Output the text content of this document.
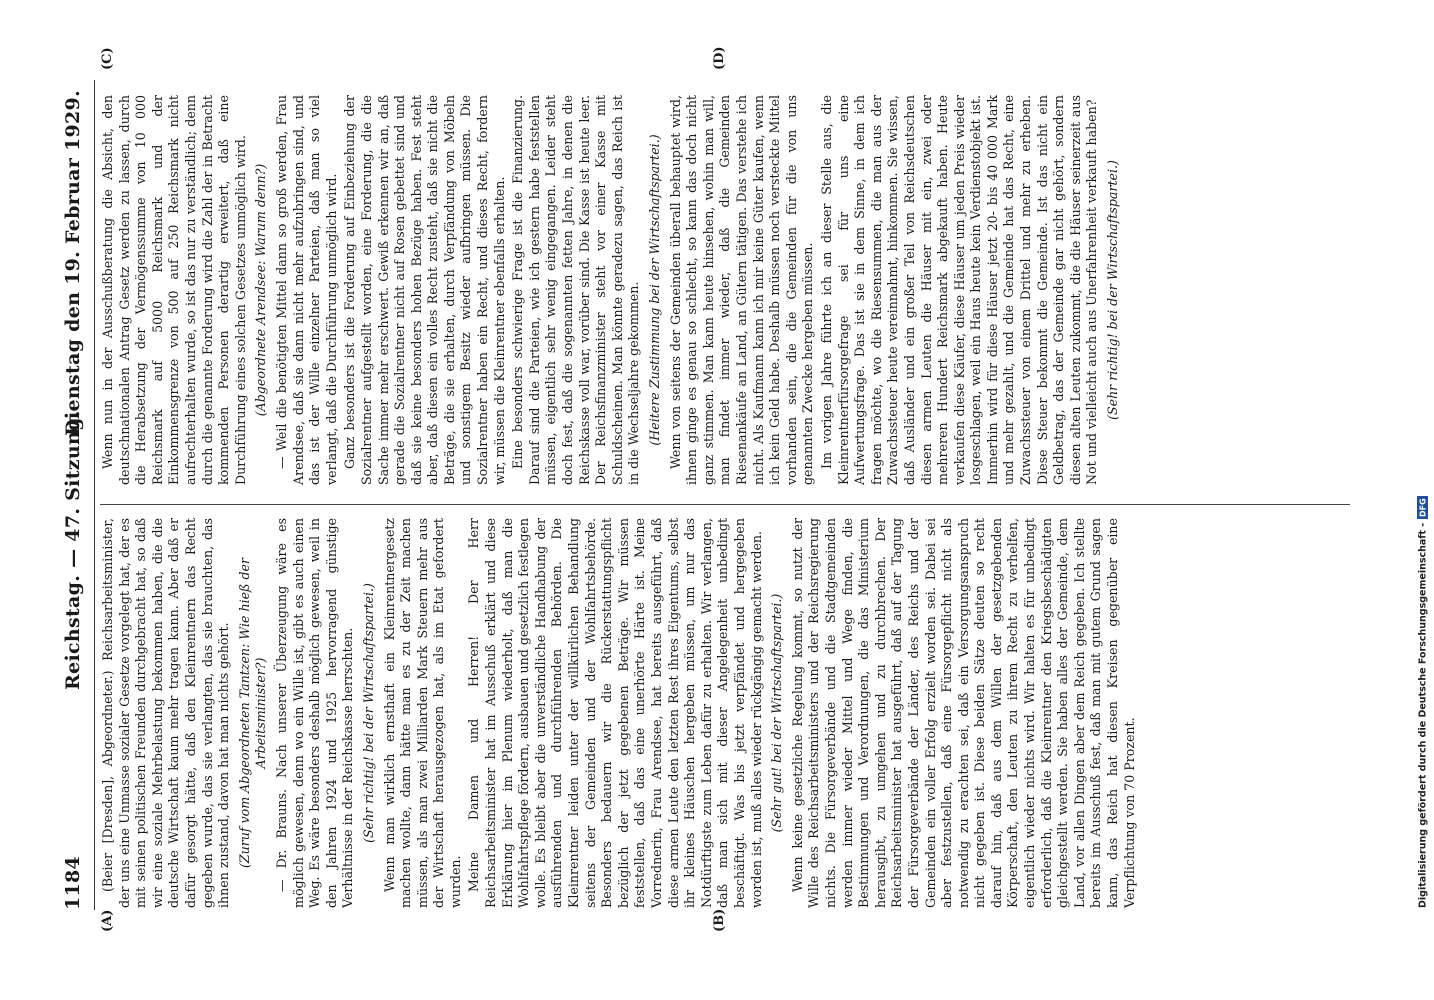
1184
Reichstag. — 47. Sitzung.
Dienstag den 19. Februar 1929.
(A)	(B)
(C)	(D)

(Beier [Dresden], Abgeordneter.) Reichsarbeitsminister, der uns eine Unmasse sozialer Gesetze vorgelegt hat, der es mit seinen politischen Freunden durchgebracht hat, so daß wir eine soziale Mehrbelastung bekommen haben, die die deutsche Wirtschaft kaum mehr tragen kann. Aber daß er dafür gesorgt hätte, daß den Kleinrentnern das Recht gegeben wurde, das sie verlangten, das sie brauchten, das ihnen zustand, davon hat man nichts gehört. (Zuruf vom Abgeordneten Tantzen: Wie hieß der Arbeitsminister?) — Dr. Brauns. Nach unserer Überzeugung wäre es möglich gewesen, denn wo ein Wille ist, gibt es auch einen Weg. Es wäre besonders deshalb möglich gewesen, weil in den Jahren 1924 und 1925 hervorragend günstige Verhältnisse in der Reichskasse herrschten. (Sehr richtig! bei der Wirtschaftspartei.) Wenn man wirklich ernsthaft ein Kleinrentnergesetz machen wollte, dann hätte man es zu der Zeit machen müssen, als man zwei Milliarden Mark Steuern mehr aus der Wirtschaft herausgezogen hat, als im Etat gefordert wurden. Meine Damen und Herren! Der Herr Reichsarbeitsminister hat im Ausschuß erklärt und diese Erklärung hier im Plenum wiederholt, daß man die Wohlfahrtspflege fördern, ausbauen und gesetzlich festlegen wolle. Es bleibt aber die unverständliche Handhabung der ausführenden und durchführenden Behörden. Die Kleinrentner leiden unter der willkürlichen Behandlung seitens der Gemeinden und der Wohlfahrtsbehörde. Besonders bedauern wir die Rückerstattungspflicht bezüglich der jetzt gegebenen Beträge. Wir müssen feststellen, daß das eine unerhörte Härte ist. Meine Vorrednerin, Frau Arendsee, hat bereits ausgeführt, daß diese armen Leute den letzten Rest ihres Eigentums, selbst ihr kleines Häuschen hergeben müssen, um nur das Notdürftigste zum Leben dafür zu erhalten. Wir verlangen, daß man sich mit dieser Angelegenheit unbedingt beschäftigt. Was bis jetzt verpfändet und hergegeben worden ist, muß alles wieder rückgängig gemacht werden. (Sehr gut! bei der Wirtschaftspartei.) Wenn keine gesetzliche Regelung kommt, so nutzt der Wille des Reichsarbeitsministers und der Reichsregierung nichts. Die Fürsorgeverbände und die Stadtgemeinden werden immer wieder Mittel und Wege finden, die Bestimmungen und Verordnungen, die das Ministerium herausgibt, zu umgehen und zu durchbrechen. Der Reichsarbeitsminister hat ausgeführt, daß auf der Tagung der Fürsorgeverbände der Länder, des Reichs und der Gemeinden ein voller Erfolg erzielt worden sei. Dabei sei aber festzustellen, daß eine Fürsorgepflicht nicht als notwendig zu erachten sei, daß ein Versorgungsanspruch nicht gegeben ist. Diese beiden Sätze deuten so recht darauf hin, daß aus dem Willen der gesetzgebenden Körperschaft, den Leuten zu ihrem Recht zu verhelfen, eigentlich wieder nichts wird. Wir halten es für unbedingt erforderlich, daß die Kleinrentner den Kriegsbeschädigten gleichgestellt werden. Sie haben alles der Gemeinde, dem Land, vor allen Dingen aber dem Reich gegeben. Ich stellte bereits im Ausschuß fest, daß man mit gutem Grund sagen kann, das Reich hat diesen Kreisen gegenüber eine Verpflichtung von 70 Prozent.

Wenn nun in der Ausschußberatung die Absicht, den deutschnationalen Antrag Gesetz werden zu lassen, durch die Herabsetzung der Vermögenssumme von 10 000 Reichsmark auf 5000 Reichsmark und der Einkommensgrenze von 500 auf 250 Reichsmark nicht aufrechterhalten wurde, so ist das nur zu verständlich; denn durch die genannte Forderung wird die Zahl der in Betracht kommenden Personen derartig erweitert, daß eine Durchführung eines solchen Gesetzes unmöglich wird. (Abgeordnete Arendsee: Warum denn?) — Weil die benötigten Mittel dann so groß werden, Frau Arendsee, daß sie dann nicht mehr aufzubringen sind, und das ist der Wille einzelner Parteien, daß man so viel verlangt, daß die Durchführung unmöglich wird. Ganz besonders ist die Forderung auf Einbeziehung der Sozialrentner aufgestellt worden, eine Forderung, die die Sache immer mehr erschwert. Gewiß erkennen wir an, daß gerade die Sozialrentner nicht auf Rosen gebettet sind und daß sie keine besonders hohen Bezüge haben. Fest steht aber, daß diesen ein volles Recht zusteht, daß sie nicht die Beträge, die sie erhalten, durch Verpfändung von Möbeln und sonstigem Besitz wieder aufbringen müssen. Die Sozialrentner haben ein Recht, und dieses Recht, fordern wir, müssen die Kleinrentner ebenfalls erhalten. Eine besonders schwierige Frage ist die Finanzierung. Darauf sind die Parteien, wie ich gestern habe feststellen müssen, eigentlich sehr wenig eingegangen. Leider steht doch fest, daß die sogenannten fetten Jahre, in denen die Reichskasse voll war, vorüber sind. Die Kasse ist heute leer. Der Reichsfinanzminister steht vor einer Kasse mit Schuldscheinen. Man könnte geradezu sagen, das Reich ist in die Wechseljahre gekommen. (Heitere Zustimmung bei der Wirtschaftspartei.) Wenn von seitens der Gemeinden überall behauptet wird, ihnen ginge es genau so schlecht, so kann das doch nicht ganz stimmen. Man kann heute hinsehen, wohin man will, man findet immer wieder, daß die Gemeinden Riesenankäufe an Land, an Gütern tätigen. Das verstehe ich nicht. Als Kaufmann kann ich mir keine Güter kaufen, wenn ich kein Geld habe. Deshalb müssen noch versteckte Mittel vorhanden sein, die die Gemeinden für die von uns genannten Zwecke hergeben müssen. Im vorigen Jahre führte ich an dieser Stelle aus, die Kleinrentnerfürsorgefrage sei für uns eine Aufwertungsfrage. Das ist sie in dem Sinne, in dem ich fragen möchte, wo die Riesensummen, die man aus der Zuwachssteuer heute vereinnahmt, hinkommen. Sie wissen, daß Ausländer und ein großer Teil von Reichsdeutschen diesen armen Leuten die Häuser mit ein, zwei oder mehreren Hundert Reichsmark abgekauft haben. Heute verkaufen diese Käufer, diese Häuser um jeden Preis wieder losgeschlagen, weil ein Haus heute kein Verdienstobjekt ist. Immerhin wird für diese Häuser jetzt 20- bis 40 000 Mark und mehr gezahlt, und die Gemeinde hat das Recht, eine Zuwachssteuer von einem Drittel und mehr zu erheben. Diese Steuer bekommt die Gemeinde. Ist das nicht ein Geldbetrag, das der Gemeinde gar nicht gehört, sondern diesen alten Leuten zukommt, die die Häuser seinerzeit aus Not und vielleicht auch aus Unerfahrenheit verkauft haben? (Sehr richtig! bei der Wirtschaftspartei.)

Digitalisierung gefördert durch die Deutsche Forschungsgemeinschaft -
DFG
